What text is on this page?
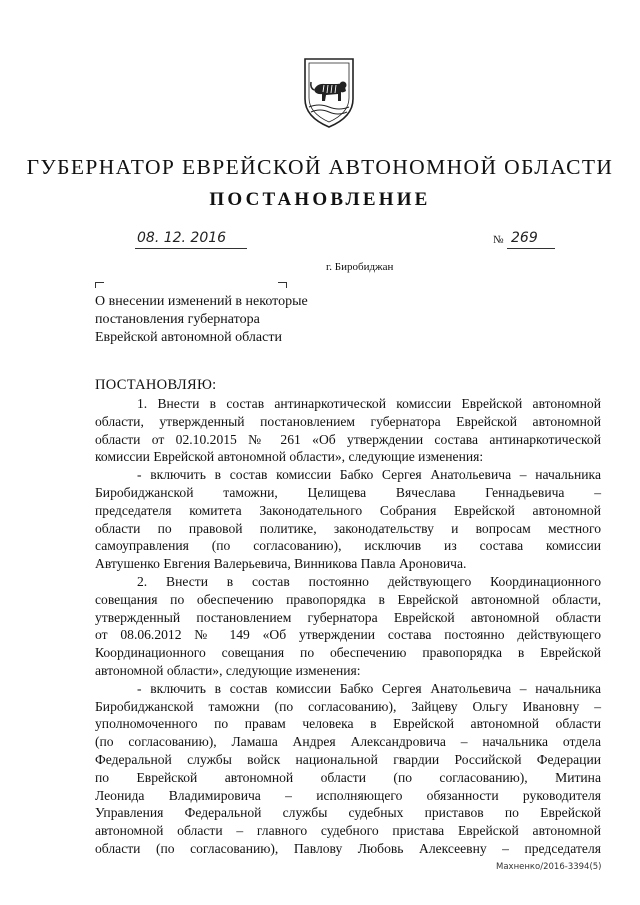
ГУБЕРНАТОР ЕВРЕЙСКОЙ АВТОНОМНОЙ ОБЛАСТИ
ПОСТАНОВЛЕНИЕ
08. 12. 2016	№ 269
г. Биробиджан
О внесении изменений в некоторые
постановления губернатора
Еврейской автономной области
ПОСТАНОВЛЯЮ:
1. Внести в состав антинаркотической комиссии Еврейской автономной
области, утвержденный постановлением губернатора Еврейской автономной
области от 02.10.2015 № 261 «Об утверждении состава антинаркотической
комиссии Еврейской автономной области», следующие изменения:
- включить в состав комиссии Бабко Сергея Анатольевича – начальника
Биробиджанской таможни, Целищева Вячеслава Геннадьевича –
председателя комитета Законодательного Собрания Еврейской автономной
области по правовой политике, законодательству и вопросам местного
самоуправления (по согласованию), исключив из состава комиссии
Автушенко Евгения Валерьевича, Винникова Павла Ароновича.
2. Внести в состав постоянно действующего Координационного
совещания по обеспечению правопорядка в Еврейской автономной области,
утвержденный постановлением губернатора Еврейской автономной области
от 08.06.2012 № 149 «Об утверждении состава постоянно действующего
Координационного совещания по обеспечению правопорядка в Еврейской
автономной области», следующие изменения:
- включить в состав комиссии Бабко Сергея Анатольевича – начальника
Биробиджанской таможни (по согласованию), Зайцеву Ольгу Ивановну –
уполномоченного по правам человека в Еврейской автономной области
(по согласованию), Ламаша Андрея Александровича – начальника отдела
Федеральной службы войск национальной гвардии Российской Федерации
по Еврейской автономной области (по согласованию), Митина
Леонида Владимировича – исполняющего обязанности руководителя
Управления Федеральной службы судебных приставов по Еврейской
автономной области – главного судебного пристава Еврейской автономной
области (по согласованию), Павлову Любовь Алексеевну – председателя
Махненко/2016-3394(5)
